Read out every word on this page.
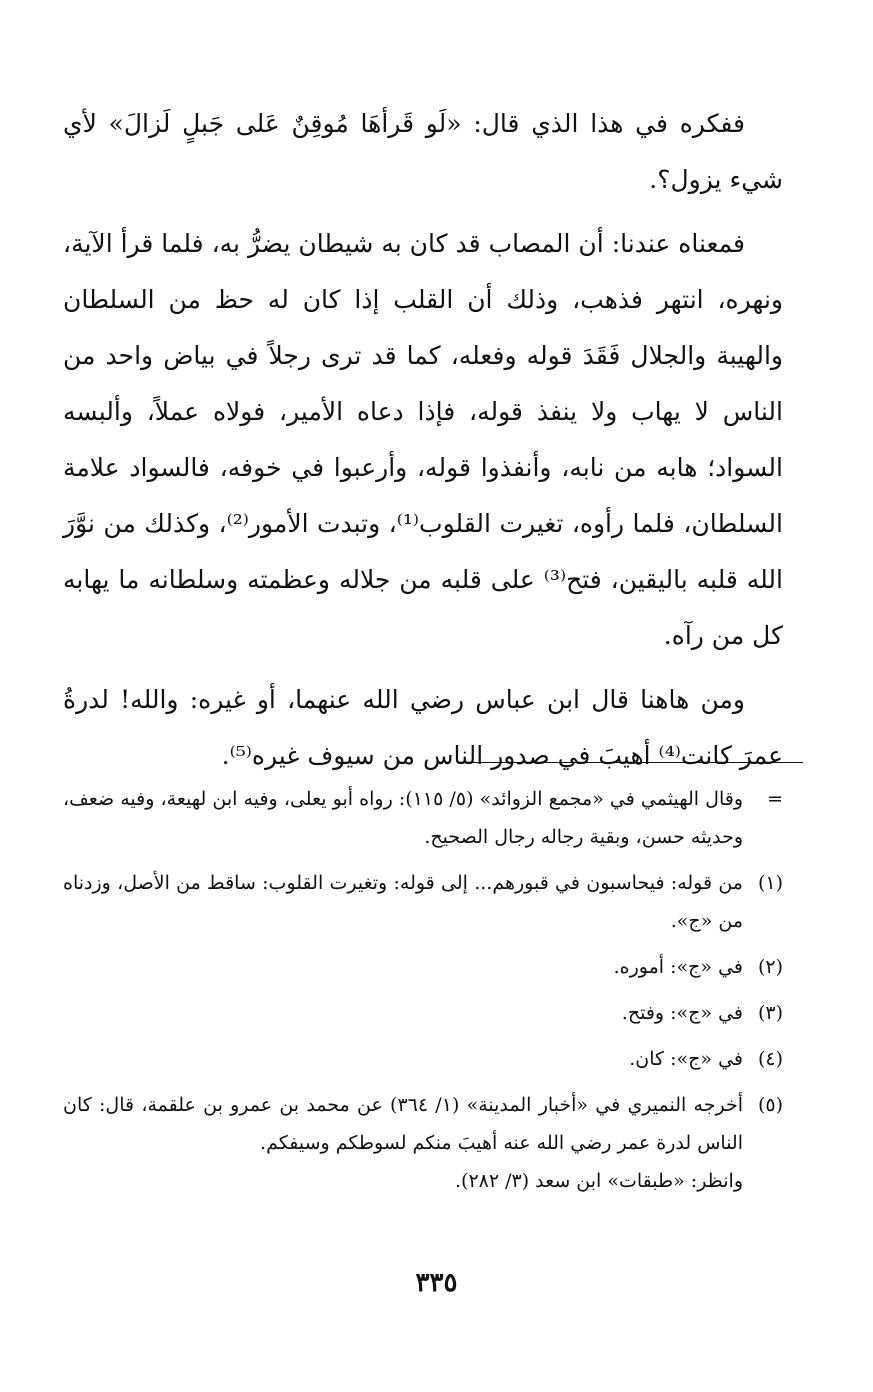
ففكره في هذا الذي قال: «لَو قَرأهَا مُوقِنٌ عَلى جَبلٍ لَزالَ» لأي شيء يزول؟.

فمعناه عندنا: أن المصاب قد كان به شيطان يضرُّ به، فلما قرأ الآية، ونهره، انتهر فذهب، وذلك أن القلب إذا كان له حظ من السلطان والهيبة والجلال فَقَدَ قوله وفعله، كما قد ترى رجلاً في بياض واحد من الناس لا يهاب ولا ينفذ قوله، فإذا دعاه الأمير، فولاه عملاً، وألبسه السواد؛ هابه من نابه، وأنفذوا قوله، وأرعبوا في خوفه، فالسواد علامة السلطان، فلما رأوه، تغيرت القلوب⁽¹⁾، وتبدت الأمور⁽²⁾، وكذلك من نوَّرَ الله قلبه باليقين، فتح⁽³⁾ على قلبه من جلاله وعظمته وسلطانه ما يهابه كل من رآه.

ومن هاهنا قال ابن عباس رضي الله عنهما، أو غيره: والله! لدرةُ عمرَ كانت⁽⁴⁾ أهيبَ في صدور الناس من سيوف غيره⁽⁵⁾.

=

وقال الهيثمي في «مجمع الزوائد» (٥/ ١١٥): رواه أبو يعلى، وفيه ابن لهيعة، وفيه ضعف، وحديثه حسن، وبقية رجاله رجال الصحيح.

(١)

من قوله: فيحاسبون في قبورهم... إلى قوله: وتغيرت القلوب: ساقط من الأصل، وزدناه من «ج».

(٢)

في «ج»: أموره.

(٣)

في «ج»: وفتح.

(٤)

في «ج»: كان.

(٥)

أخرجه النميري في «أخبار المدينة» (١/ ٣٦٤) عن محمد بن عمرو بن علقمة، قال: كان الناس لدرة عمر رضي الله عنه أهيبَ منكم لسوطكم وسيفكم.

وانظر: «طبقات» ابن سعد (٣/ ٢٨٢).

٣٣٥
